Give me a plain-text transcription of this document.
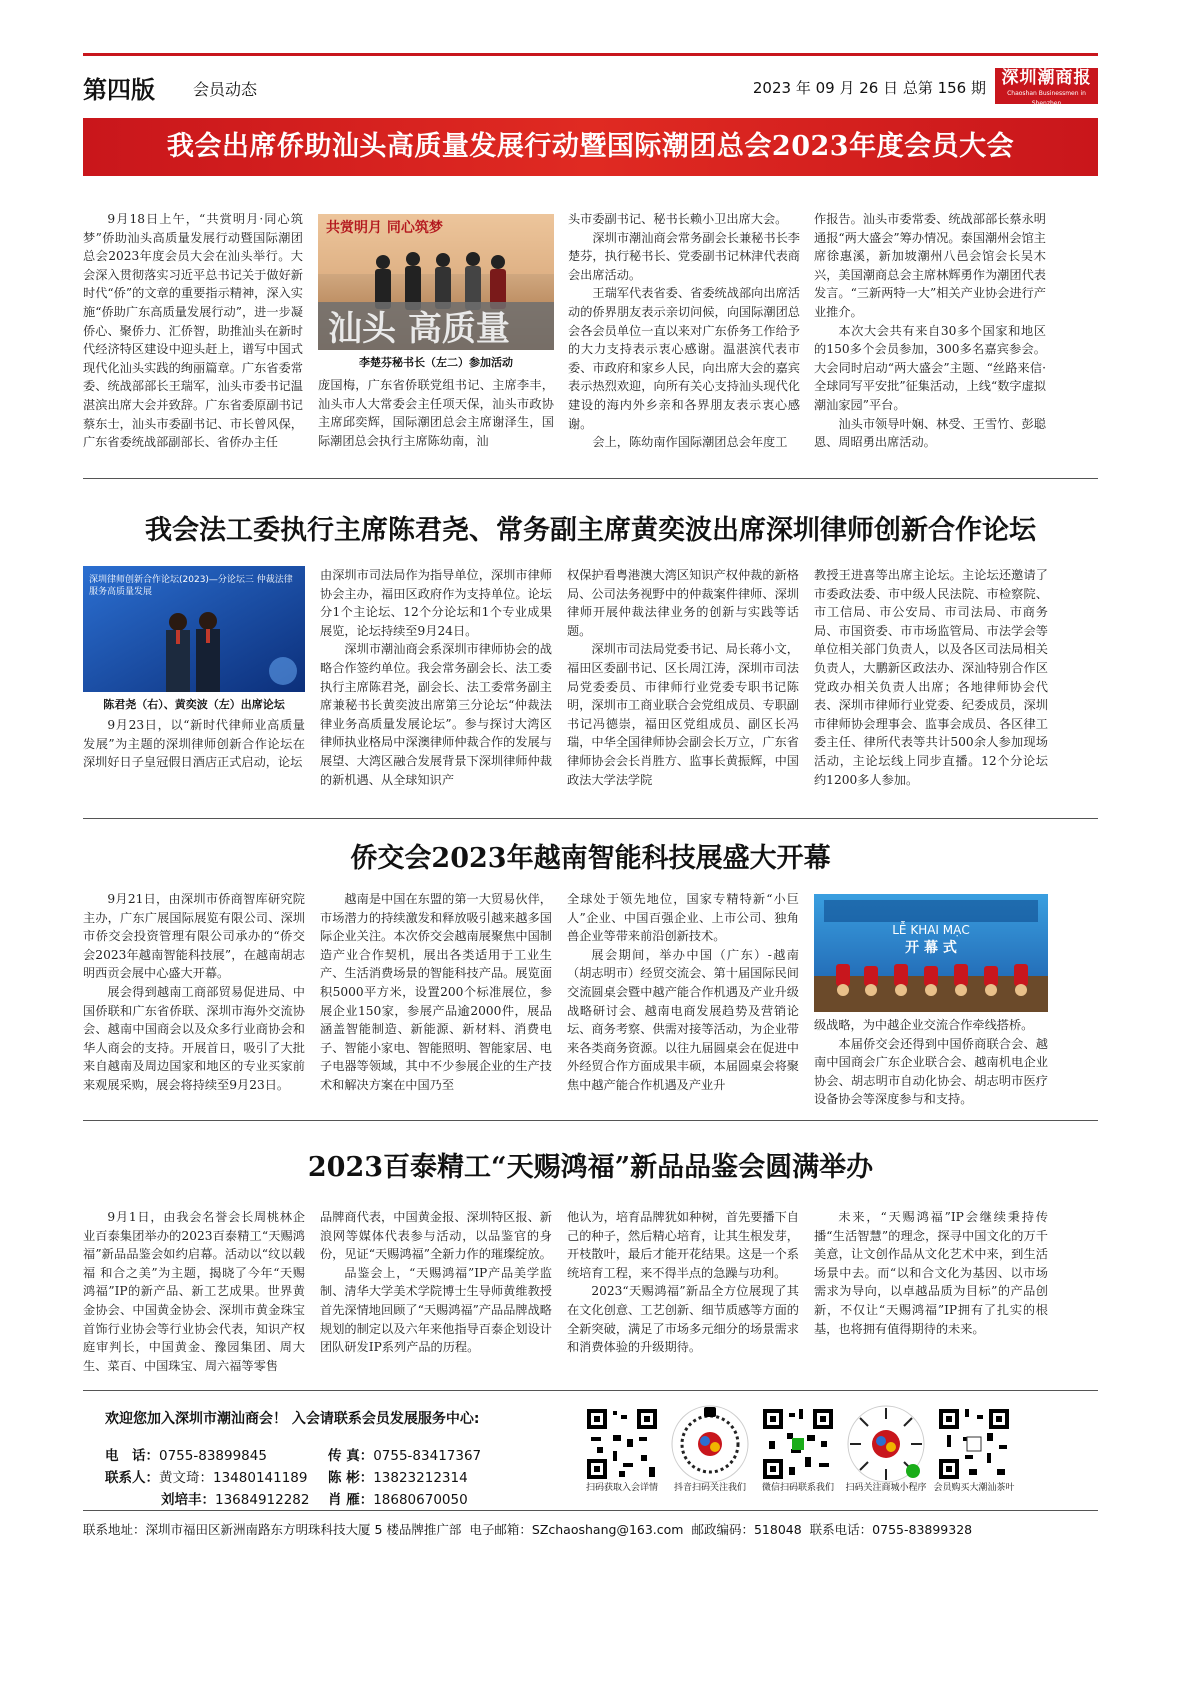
第四版 会员动态	2023 年 09 月 26 日 总第 156 期 深圳潮商报
Chaoshan Businessmen in Shenzhen
我会出席侨助汕头高质量发展行动暨国际潮团总会2023年度会员大会

9月18日上午，“共赏明月·同心筑梦”侨助汕头高质量发展行动暨国际潮团总会2023年度会员大会在汕头举行。大会深入贯彻落实习近平总书记关于做好新时代“侨”的文章的重要指示精神，深入实施“侨助广东高质量发展行动”，进一步凝侨心、聚侨力、汇侨智，助推汕头在新时代经济特区建设中迎头赶上，谱写中国式现代化汕头实践的绚丽篇章。广东省委常委、统战部部长王瑞军，汕头市委书记温湛滨出席大会并致辞。广东省委原副书记蔡东士，汕头市委副书记、市长曾风保，广东省委统战部副部长、省侨办主任

共赏明月 同心筑梦
汕头 高质量
李楚芬秘书长（左二）参加活动

庞国梅，广东省侨联党组书记、主席李丰，汕头市人大常委会主任项天保，汕头市政协主席邱奕辉，国际潮团总会主席谢泽生，国际潮团总会执行主席陈幼南，汕

头市委副书记、秘书长赖小卫出席大会。

深圳市潮汕商会常务副会长兼秘书长李楚芬，执行秘书长、党委副书记林津代表商会出席活动。

王瑞军代表省委、省委统战部向出席活动的侨界朋友表示亲切问候，向国际潮团总会各会员单位一直以来对广东侨务工作给予的大力支持表示衷心感谢。温湛滨代表市委、市政府和家乡人民，向出席大会的嘉宾表示热烈欢迎，向所有关心支持汕头现代化建设的海内外乡亲和各界朋友表示衷心感谢。

会上，陈幼南作国际潮团总会年度工

作报告。汕头市委常委、统战部部长蔡永明通报“两大盛会”筹办情况。泰国潮州会馆主席徐惠溪，新加坡潮州八邑会馆会长吴木兴，美国潮商总会主席林辉勇作为潮团代表发言。“三新两特一大”相关产业协会进行产业推介。

本次大会共有来自30多个国家和地区的150多个会员参加，300多名嘉宾参会。大会同时启动“两大盛会”主题、“丝路来信·全球同写平安批”征集活动，上线“数字虚拟潮汕家园”平台。

汕头市领导叶娴、林受、王雪竹、彭聪恩、周昭勇出席活动。

我会法工委执行主席陈君尧、常务副主席黄奕波出席深圳律师创新合作论坛
深圳律师创新合作论坛(2023)—分论坛三 仲裁法律服务高质量发展
陈君尧（右）、黄奕波（左）出席论坛

9月23日，以“新时代律师业高质量发展”为主题的深圳律师创新合作论坛在深圳好日子皇冠假日酒店正式启动，论坛

由深圳市司法局作为指导单位，深圳市律师协会主办，福田区政府作为支持单位。论坛分1个主论坛、12个分论坛和1个专业成果展览，论坛持续至9月24日。

深圳市潮汕商会系深圳市律师协会的战略合作签约单位。我会常务副会长、法工委执行主席陈君尧，副会长、法工委常务副主席兼秘书长黄奕波出席第三分论坛“仲裁法律业务高质量发展论坛”。参与探讨大湾区律师执业格局中深澳律师仲裁合作的发展与展望、大湾区融合发展背景下深圳律师仲裁的新机遇、从全球知识产

权保护看粤港澳大湾区知识产权仲裁的新格局、公司法务视野中的仲裁案件律师、深圳律师开展仲裁法律业务的创新与实践等话题。

深圳市司法局党委书记、局长蒋小文，福田区委副书记、区长周江涛，深圳市司法局党委委员、市律师行业党委专职书记陈明，深圳市工商业联合会党组成员、专职副书记冯德崇，福田区党组成员、副区长冯瑞，中华全国律师协会副会长万立，广东省律师协会会长肖胜方、监事长黄振辉，中国政法大学法学院

教授王进喜等出席主论坛。主论坛还邀请了市委政法委、市中级人民法院、市检察院、市工信局、市公安局、市司法局、市商务局、市国资委、市市场监管局、市法学会等单位相关部门负责人，以及各区司法局相关负责人，大鹏新区政法办、深汕特别合作区党政办相关负责人出席；各地律师协会代表、深圳市律师行业党委、纪委成员，深圳市律师协会理事会、监事会成员、各区律工委主任、律所代表等共计500余人参加现场活动，主论坛线上同步直播。12个分论坛约1200多人参加。

侨交会2023年越南智能科技展盛大开幕

9月21日，由深圳市侨商智库研究院主办，广东广展国际展览有限公司、深圳市侨交会投资管理有限公司承办的“侨交会2023年越南智能科技展”，在越南胡志明西贡会展中心盛大开幕。

展会得到越南工商部贸易促进局、中国侨联和广东省侨联、深圳市海外交流协会、越南中国商会以及众多行业商协会和华人商会的支持。开展首日，吸引了大批来自越南及周边国家和地区的专业买家前来观展采购，展会将持续至9月23日。

越南是中国在东盟的第一大贸易伙伴，市场潜力的持续激发和释放吸引越来越多国际企业关注。本次侨交会越南展聚焦中国制造产业合作契机，展出各类适用于工业生产、生活消费场景的智能科技产品。展览面积5000平方米，设置200个标准展位，参展企业150家，参展产品逾2000件，展品涵盖智能制造、新能源、新材料、消费电子、智能小家电、智能照明、智能家居、电子电器等领域，其中不少参展企业的生产技术和解决方案在中国乃至

全球处于领先地位，国家专精特新“小巨人”企业、中国百强企业、上市公司、独角兽企业等带来前沿创新技术。

展会期间，举办中国（广东）-越南（胡志明市）经贸交流会、第十届国际民间交流圆桌会暨中越产能合作机遇及产业升级战略研讨会、越南电商发展趋势及营销论坛、商务考察、供需对接等活动，为企业带来各类商务资源。以往九届圆桌会在促进中外经贸合作方面成果丰硕，本届圆桌会将聚焦中越产能合作机遇及产业升

LỄ KHAI MẠC
开 幕 式

级战略，为中越企业交流合作牵线搭桥。

本届侨交会还得到中国侨商联合会、越南中国商会广东企业联合会、越南机电企业协会、胡志明市自动化协会、胡志明市医疗设备协会等深度参与和支持。

2023百泰精工“天赐鸿福”新品品鉴会圆满举办

9月1日，由我会名誉会长周桃林企业百泰集团举办的2023百泰精工“天赐鸿福”新品品鉴会如约启幕。活动以“纹以载福 和合之美”为主题，揭晓了今年“天赐鸿福”IP的新产品、新工艺成果。世界黄金协会、中国黄金协会、深圳市黄金珠宝首饰行业协会等行业协会代表，知识产权庭审判长，中国黄金、豫园集团、周大生、菜百、中国珠宝、周六福等零售

品牌商代表，中国黄金报、深圳特区报、新浪网等媒体代表参与活动，以品鉴官的身份，见证“天赐鸿福”全新力作的璀璨绽放。

品鉴会上，“天赐鸿福”IP产品美学监制、清华大学美术学院博士生导师黄维教授首先深情地回顾了“天赐鸿福”产品品牌战略规划的制定以及六年来他指导百泰企划设计团队研发IP系列产品的历程。

他认为，培育品牌犹如种树，首先要播下自己的种子，然后精心培育，让其生根发芽，开枝散叶，最后才能开花结果。这是一个系统培育工程，来不得半点的急躁与功利。

2023“天赐鸿福”新品全方位展现了其在文化创意、工艺创新、细节质感等方面的全新突破，满足了市场多元细分的场景需求和消费体验的升级期待。

未来，“天赐鸿福”IP会继续秉持传播“生活智慧”的理念，探寻中国文化的万千美意，让文创作品从文化艺术中来，到生活场景中去。而“以和合文化为基因、以市场需求为导向，以卓越品质为目标”的产品创新，不仅让“天赐鸿福”IP拥有了扎实的根基，也将拥有值得期待的未来。

欢迎您加入深圳市潮汕商会！ 入会请联系会员发展服务中心:
电　话：0755-83899845	传 真：0755-83417367
联系人：黄文琦：13480141189 陈 彬：13823212314
刘培丰：13684912282 肖 雁：18680670050
扫码获取入会详情	抖音扫码关注我们	微信扫码联系我们	扫码关注商城小程序 会员购买大潮汕茶叶
联系地址：深圳市福田区新洲南路东方明珠科技大厦 5 楼品牌推广部 电子邮箱：SZchaoshang@163.com 邮政编码：518048 联系电话：0755-83899328
